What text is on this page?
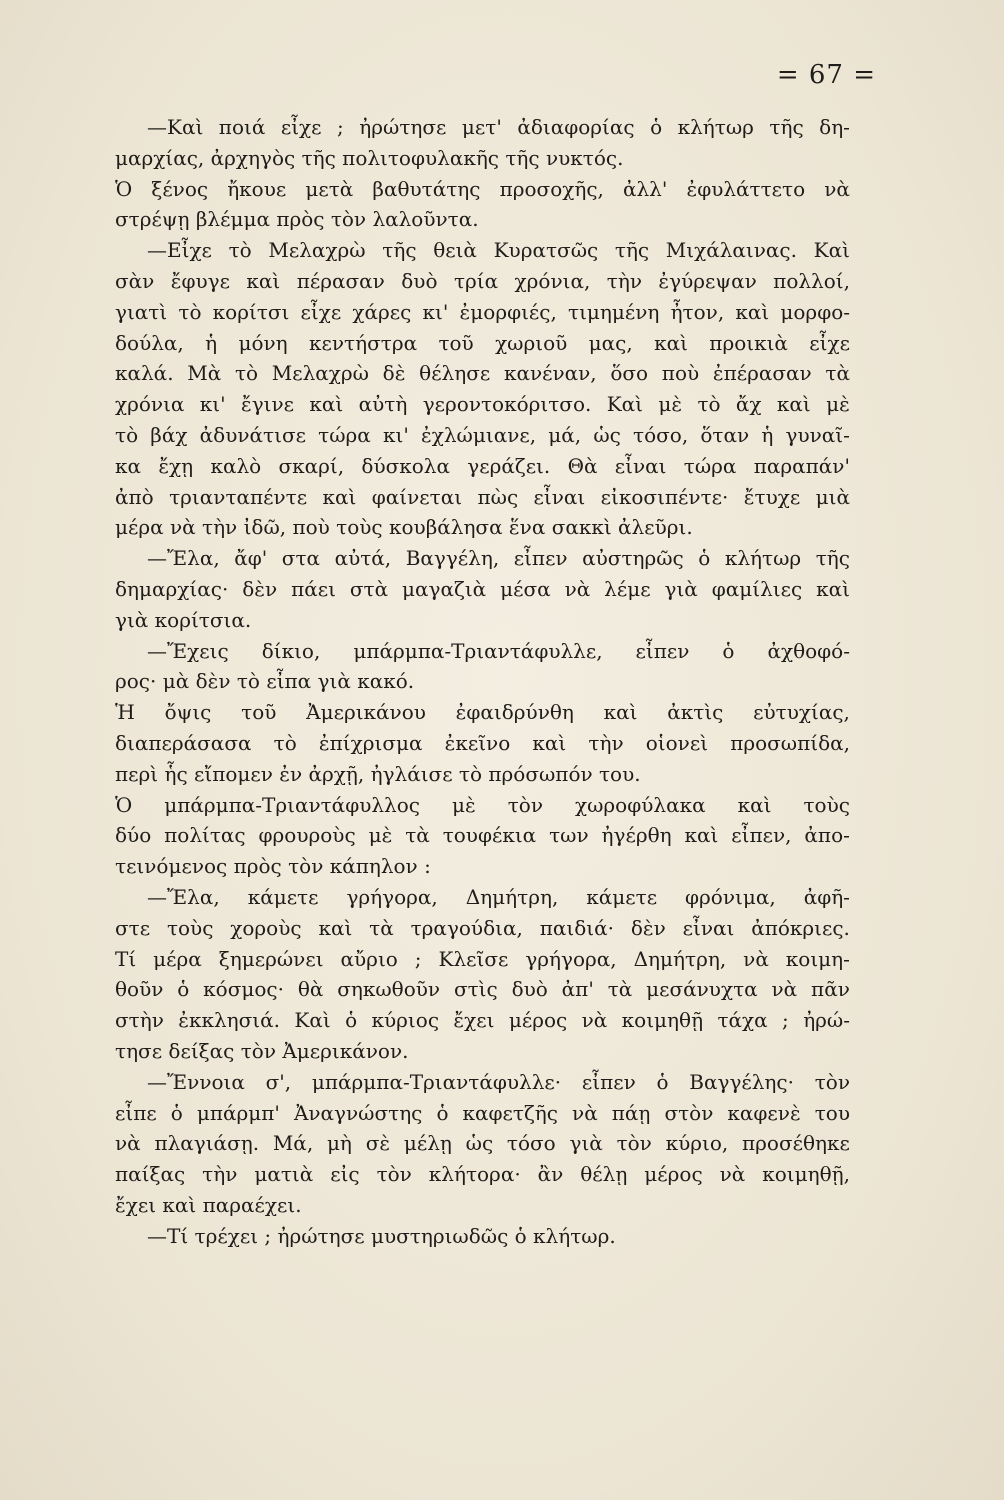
= 67 =
—Καὶ ποιά εἶχε ; ἠρώτησε μετ' ἀδιαφορίας ὁ κλήτωρ τῆς δη-
μαρχίας, ἀρχηγὸς τῆς πολιτοφυλακῆς τῆς νυκτός.
Ὁ ξένος ἤκουε μετὰ βαθυτάτης προσοχῆς, ἀλλ' ἐφυλάττετο νὰ
στρέψῃ βλέμμα πρὸς τὸν λαλοῦντα.
—Εἶχε τὸ Μελαχρὼ τῆς θειὰ Κυρατσῶς τῆς Μιχάλαινας. Καὶ
σὰν ἔφυγε καὶ πέρασαν δυὸ τρία χρόνια, τὴν ἐγύρεψαν πολλοί,
γιατὶ τὸ κορίτσι εἶχε χάρες κι' ἐμορφιές, τιμημένη ἦτον, καὶ μορφο-
δούλα, ἡ μόνη κεντήστρα τοῦ χωριοῦ μας, καὶ προικιὰ εἶχε
καλά. Μὰ τὸ Μελαχρὼ δὲ θέλησε κανέναν, ὅσο ποὺ ἐπέρασαν τὰ
χρόνια κι' ἔγινε καὶ αὐτὴ γεροντοκόριτσο. Καὶ μὲ τὸ ἄχ καὶ μὲ
τὸ βάχ ἀδυνάτισε τώρα κι' ἐχλώμιανε, μά, ὡς τόσο, ὅταν ἡ γυναῖ-
κα ἔχῃ καλὸ σκαρί, δύσκολα γεράζει. Θὰ εἶναι τώρα παραπάν'
ἀπὸ τριανταπέντε καὶ φαίνεται πὼς εἶναι εἰκοσιπέντε· ἔτυχε μιὰ
μέρα νὰ τὴν ἰδῶ, ποὺ τοὺς κουβάλησα ἕνα σακκὶ ἀλεῦρι.
—Ἔλα, ἄφ' στα αὐτά, Βαγγέλη, εἶπεν αὐστηρῶς ὁ κλήτωρ τῆς
δημαρχίας· δὲν πάει στὰ μαγαζιὰ μέσα νὰ λέμε γιὰ φαμίλιες καὶ
γιὰ κορίτσια.
—Ἔχεις δίκιο, μπάρμπα-Τριαντάφυλλε, εἶπεν ὁ ἀχθοφό-
ρος· μὰ δὲν τὸ εἶπα γιὰ κακό.
Ἡ ὄψις τοῦ Ἀμερικάνου ἐφαιδρύνθη καὶ ἀκτὶς εὐτυχίας,
διαπεράσασα τὸ ἐπίχρισμα ἐκεῖνο καὶ τὴν οἱονεὶ προσωπίδα,
περὶ ἧς εἴπομεν ἐν ἀρχῇ, ἠγλάισε τὸ πρόσωπόν του.
Ὁ μπάρμπα-Τριαντάφυλλος μὲ τὸν χωροφύλακα καὶ τοὺς
δύο πολίτας φρουροὺς μὲ τὰ τουφέκια των ἠγέρθη καὶ εἶπεν, ἀπο-
τεινόμενος πρὸς τὸν κάπηλον :
—Ἔλα, κάμετε γρήγορα, Δημήτρη, κάμετε φρόνιμα, ἀφῆ-
στε τοὺς χοροὺς καὶ τὰ τραγούδια, παιδιά· δὲν εἶναι ἀπόκριες.
Τί μέρα ξημερώνει αὔριο ; Κλεῖσε γρήγορα, Δημήτρη, νὰ κοιμη-
θοῦν ὁ κόσμος· θὰ σηκωθοῦν στὶς δυὸ ἀπ' τὰ μεσάνυχτα νὰ πᾶν
στὴν ἐκκλησιά. Καὶ ὁ κύριος ἔχει μέρος νὰ κοιμηθῇ τάχα ; ἠρώ-
τησε δείξας τὸν Ἀμερικάνον.
—Ἔννοια σ', μπάρμπα-Τριαντάφυλλε· εἶπεν ὁ Βαγγέλης· τὸν
εἶπε ὁ μπάρμπ' Ἀναγνώστης ὁ καφετζῆς νὰ πάῃ στὸν καφενὲ του
νὰ πλαγιάσῃ. Μά, μὴ σὲ μέλῃ ὡς τόσο γιὰ τὸν κύριο, προσέθηκε
παίξας τὴν ματιὰ εἰς τὸν κλήτορα· ἂν θέλῃ μέρος νὰ κοιμηθῇ,
ἔχει καὶ παραέχει.
—Τί τρέχει ; ἠρώτησε μυστηριωδῶς ὁ κλήτωρ.
